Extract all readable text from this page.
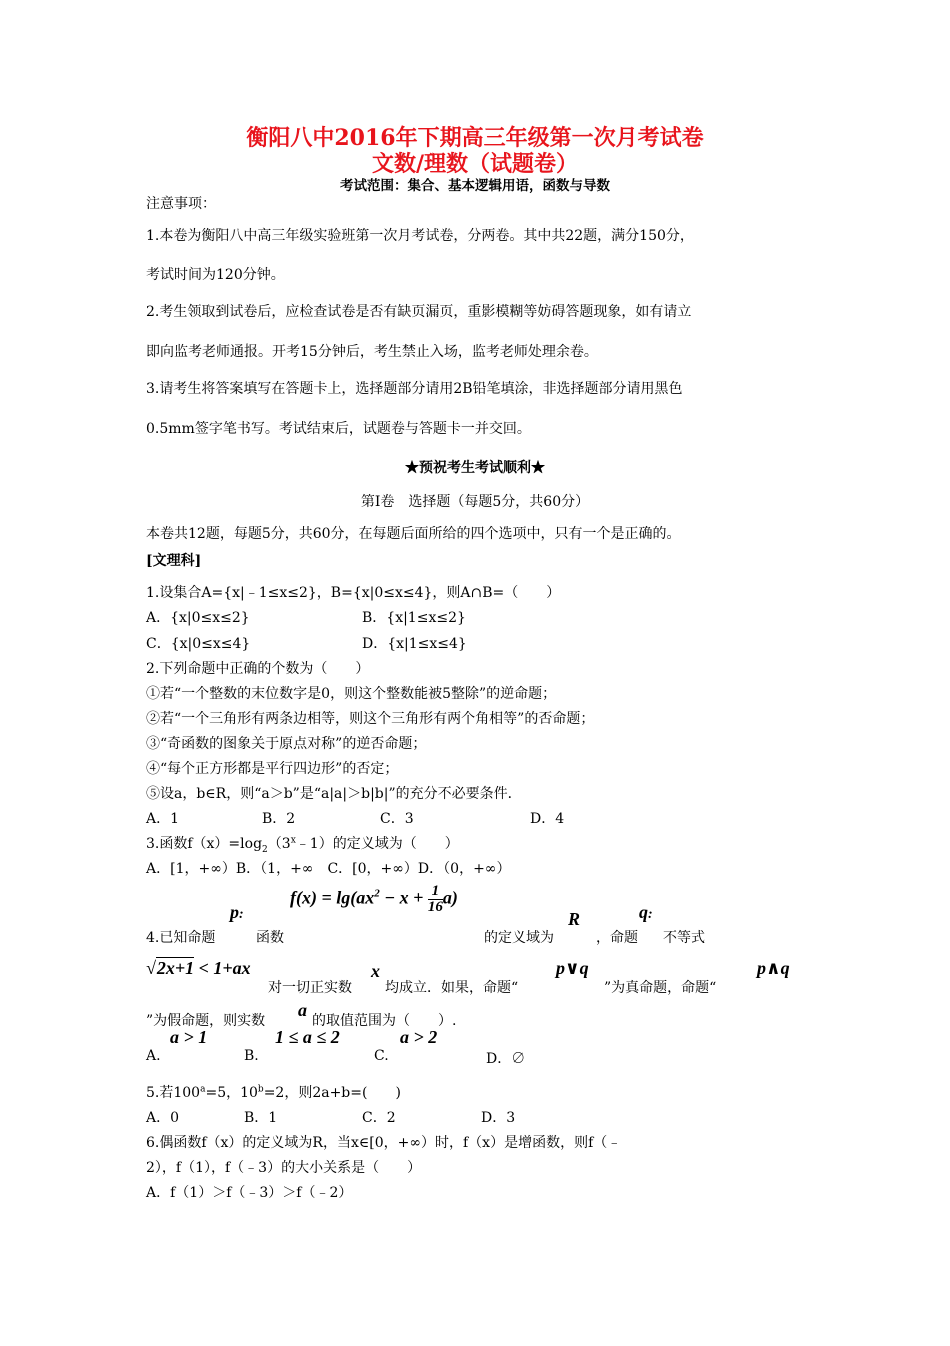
衡阳八中2016年下期高三年级第一次月考试卷
文数/理数（试题卷）
考试范围：集合、基本逻辑用语，函数与导数
注意事项：
1.本卷为衡阳八中高三年级实验班第一次月考试卷，分两卷。其中共22题，满分150分，
考试时间为120分钟。
2.考生领取到试卷后，应检查试卷是否有缺页漏页，重影模糊等妨碍答题现象，如有请立
即向监考老师通报。开考15分钟后，考生禁止入场，监考老师处理余卷。
3.请考生将答案填写在答题卡上，选择题部分请用2B铅笔填涂，非选择题部分请用黑色
0.5mm签字笔书写。考试结束后，试题卷与答题卡一并交回。
★预祝考生考试顺利★
第Ⅰ卷　选择题（每题5分，共60分）
本卷共12题，每题5分，共60分，在每题后面所给的四个选项中，只有一个是正确的。
[文理科]
1.设集合A={x|﹣1≤x≤2}，B={x|0≤x≤4}，则A∩B=（　　）
A．{x|0≤x≤2}	B．{x|1≤x≤2}
C．{x|0≤x≤4}	D．{x|1≤x≤4}
2.下列命题中正确的个数为（　　）
①若“一个整数的末位数字是0，则这个整数能被5整除”的逆命题；
②若“一个三角形有两条边相等，则这个三角形有两个角相等”的否命题；
③“奇函数的图象关于原点对称”的逆否命题；
④“每个正方形都是平行四边形”的否定；
⑤设a，b∈R，则“a＞b”是“a|a|＞b|b|”的充分不必要条件．
A．1	B．2	C．3	D．4
3.函数$f(x)=\log_2(3^x﹣1)$的定义域为（　　）
A．[1，+∞）B．（1，+∞　C．[0，+∞）D．（0，+∞）
p:
$f(x) = \lg(ax^2 - x + \frac{1}{16} a)$
R	q:
4.已知命题	函数	的定义域为	，命题 不等式
√2x+1 < 1+ax
对一切正实数
x
均成立．如果，命题“
p∨q
”为真命题，命题“
p∧q
”为假命题，则实数
a
的取值范围为（　　）.
a > 1	1 ≤ a ≤ 2	a > 2
A.	B.	C.	D．∅
5.若$100^a=5$，$10^b=2$，则2a+b=(　　)
A．0	B．1	C．2	D．3
6.偶函数f（x）的定义域为R，当x∈[0，+∞）时，f（x）是增函数，则f（﹣
2），f（1），f（﹣3）的大小关系是（　　）
A．f（1）＞f（﹣3）＞f（﹣2）
